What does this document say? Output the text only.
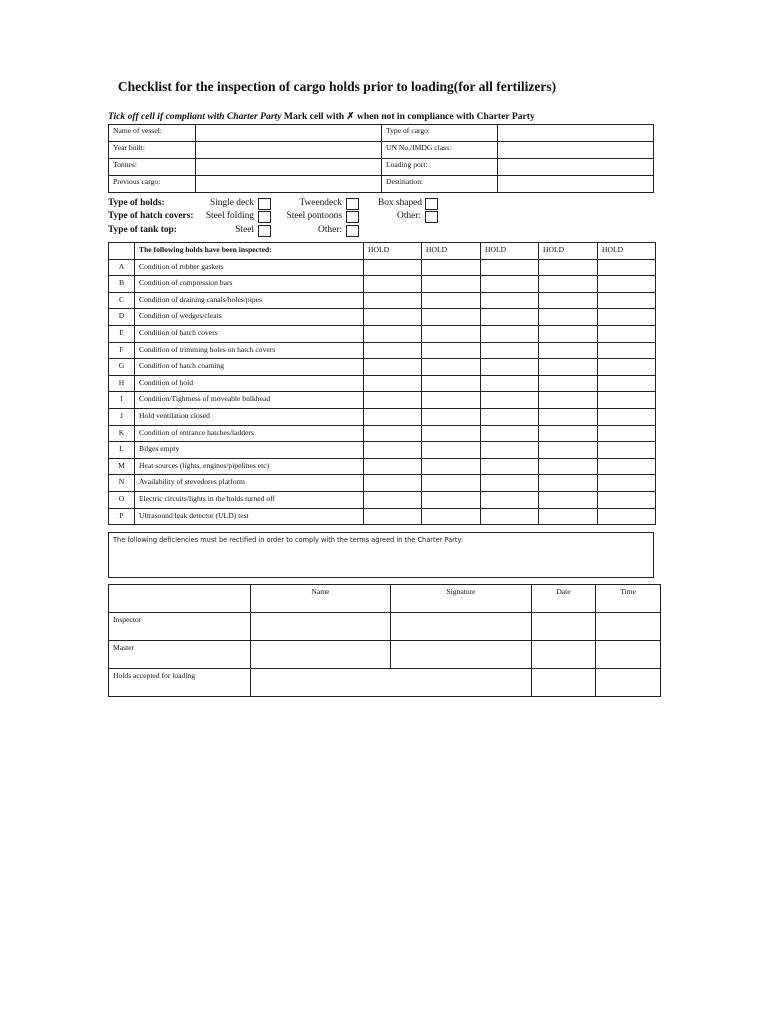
Checklist for the inspection of cargo holds prior to loading(for all fertilizers)
Tick off cell if compliant with Charter Party Mark cell with ✗ when not in compliance with Charter Party
Name of vessel:		Type of cargo:	
Year built:		UN No./IMDG class:	
Tonnes:		Loading port:	
Previous cargo:		Destination:	
Type of holds:	Single deck	Tweendeck	Box shaped
Type of hatch covers:	Steel folding	Steel pontoons	Other:
Type of tank top:	Steel	Other:
	The following holds have been inspected:	HOLD	HOLD	HOLD	HOLD	HOLD
A	Condition of rubber gaskets					
B	Condition of compression bars					
C	Condition of draining canals/holes/pipes					
D	Condition of wedges/cleats					
E	Condition of hatch covers					
F	Condition of trimming holes on hatch covers					
G	Condition of hatch coaming					
H	Condition of hold					
I	Condition/Tightness of moveable bulkhead					
J	Hold ventilation closed					
K	Condition of entrance hatches/ladders					
L	Bilges empty					
M	Heat sources (lights, engines/pipelines etc)					
N	Availability of stevedores platform					
O	Electric circuits/lights in the holds turned off					
P	Ultrasound leak detector (ULD) test					
The following deficiencies must be rectified in order to comply with the terms agreed in the Charter Party:
	Name	Signature	Date	Time
Inspector				
Master				
Holds accepted for loading				
